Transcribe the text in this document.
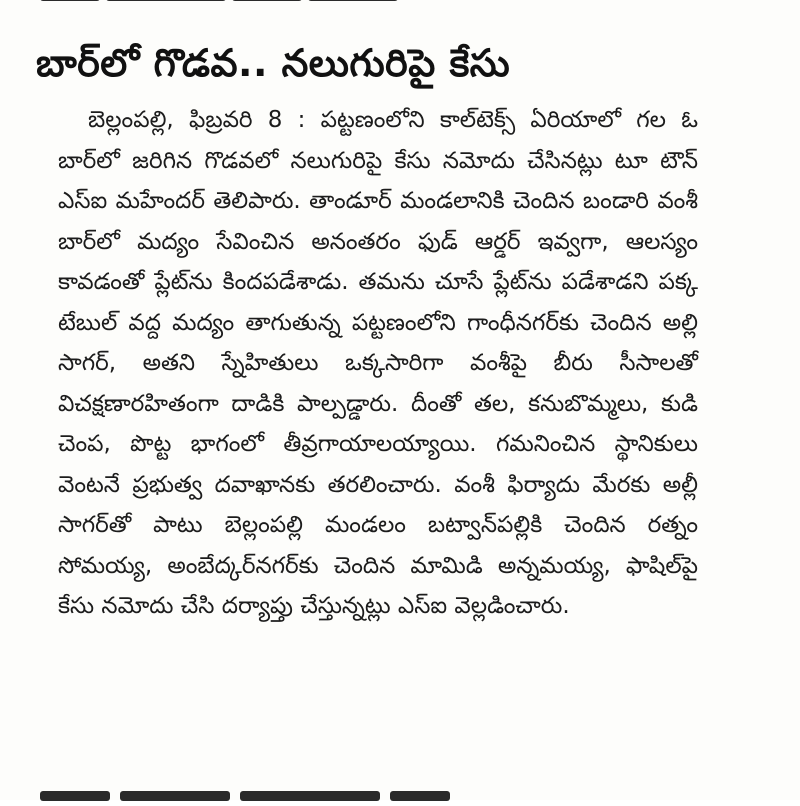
బార్‌లో గొడవ.. నలుగురిపై కేసు

బెల్లంపల్లి, ఫిబ్రవరి 8 : పట్టణంలోని కాల్‌టెక్స్ ఏరియాలో గల ఓ బార్‌లో జరిగిన గొడవలో నలుగురిపై కేసు నమోదు చేసినట్లు టూ టౌన్ ఎస్ఐ మహేందర్ తెలిపారు. తాండూర్ మండలానికి చెందిన బండారి వంశీ బార్‌లో మద్యం సేవించిన అనంతరం ఫుడ్ ఆర్డర్ ఇవ్వగా, ఆలస్యం కావడంతో ప్లేట్‌ను కిందపడేశాడు. తమను చూసే ప్లేట్‌ను పడేశాడని పక్క టేబుల్ వద్ద మద్యం తాగుతున్న పట్టణంలోని గాంధీనగర్‌కు చెందిన అల్లి సాగర్, అతని స్నేహితులు ఒక్కసారిగా వంశీపై బీరు సీసాలతో విచక్షణారహితంగా దాడికి పాల్పడ్డారు. దీంతో తల, కనుబొమ్మలు, కుడి చెంప, పొట్ట భాగంలో తీవ్రగాయాలయ్యాయి. గమనించిన స్థానికులు వెంటనే ప్రభుత్వ దవాఖానకు తరలించారు. వంశీ ఫిర్యాదు మేరకు అల్లీ సాగర్‌తో పాటు బెల్లంపల్లి మండలం బట్వాన్‌పల్లికి చెందిన రత్నం సోమయ్య, అంబేద్కర్‌నగర్‌కు చెందిన మామిడి అన్నమయ్య, ఫాషిల్‌పై కేసు నమోదు చేసి దర్యాప్తు చేస్తున్నట్లు ఎస్ఐ వెల్లడించారు.
